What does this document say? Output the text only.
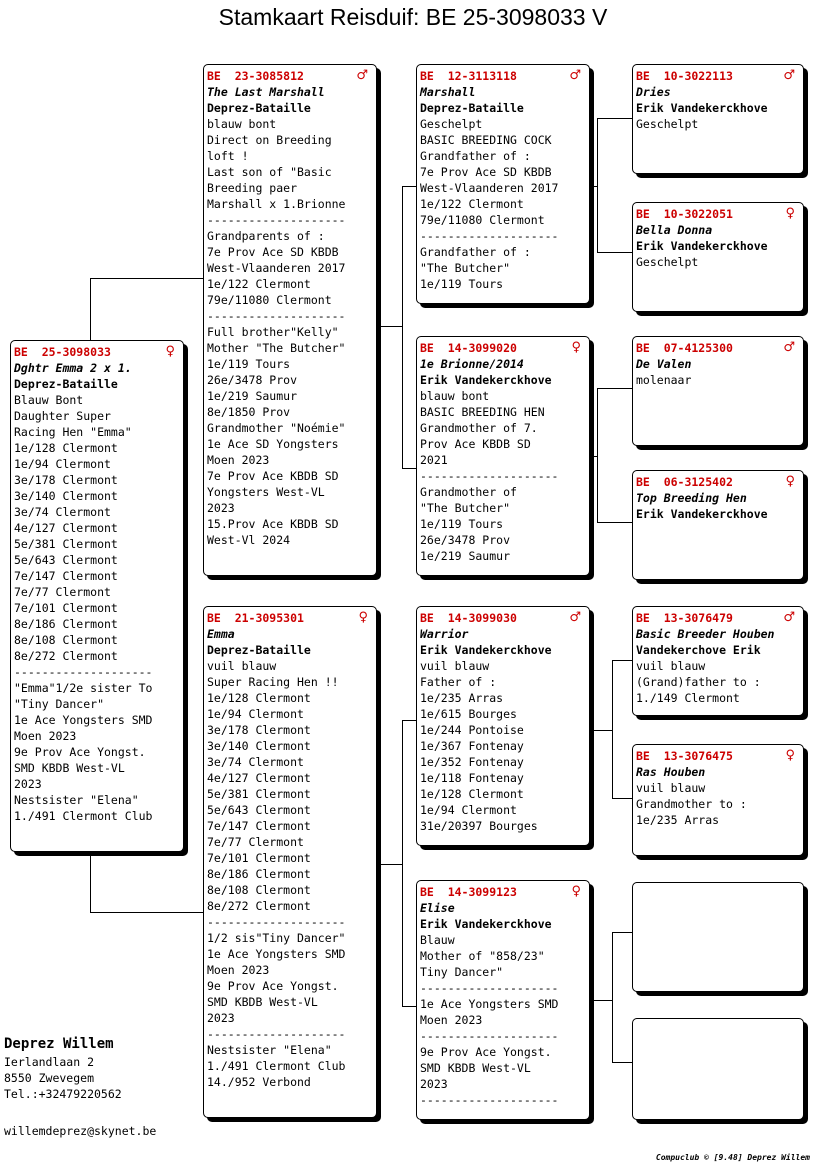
Stamkaart Reisduif: BE 25-3098033 V
BE  25-3098033	♀
Dghtr Emma 2 x 1.
Deprez-Bataille
Blauw Bont
Daughter Super
Racing Hen "Emma"
1e/128 Clermont
1e/94 Clermont
3e/178 Clermont
3e/140 Clermont
3e/74 Clermont
4e/127 Clermont
5e/381 Clermont
5e/643 Clermont
7e/147 Clermont
7e/77 Clermont
7e/101 Clermont
8e/186 Clermont
8e/108 Clermont
8e/272 Clermont
--------------------
"Emma"1/2e sister To
"Tiny Dancer"
1e Ace Yongsters SMD
Moen 2023
9e Prov Ace Yongst.
SMD KBDB West-VL
2023
Nestsister "Elena"
1./491 Clermont Club
BE  23-3085812	♂
The Last Marshall
Deprez-Bataille
blauw bont
Direct on Breeding
loft !
Last son of "Basic
Breeding paer
Marshall x 1.Brionne
--------------------
Grandparents of :
7e Prov Ace SD KBDB
West-Vlaanderen 2017
1e/122 Clermont
79e/11080 Clermont
--------------------
Full brother"Kelly"
Mother "The Butcher"
1e/119 Tours
26e/3478 Prov
1e/219 Saumur
8e/1850 Prov
Grandmother "Noémie"
1e Ace SD Yongsters
Moen 2023
7e Prov Ace KBDB SD
Yongsters West-VL
2023
15.Prov Ace KBDB SD
West-Vl 2024
BE  21-3095301	♀
Emma
Deprez-Bataille
vuil blauw
Super Racing Hen !!
1e/128 Clermont
1e/94 Clermont
3e/178 Clermont
3e/140 Clermont
3e/74 Clermont
4e/127 Clermont
5e/381 Clermont
5e/643 Clermont
7e/147 Clermont
7e/77 Clermont
7e/101 Clermont
8e/186 Clermont
8e/108 Clermont
8e/272 Clermont
--------------------
1/2 sis"Tiny Dancer"
1e Ace Yongsters SMD
Moen 2023
9e Prov Ace Yongst.
SMD KBDB West-VL
2023
--------------------
Nestsister "Elena"
1./491 Clermont Club
14./952 Verbond
BE  12-3113118	♂
Marshall
Deprez-Bataille
Geschelpt
BASIC BREEDING COCK
Grandfather of :
7e Prov Ace SD KBDB
West-Vlaanderen 2017
1e/122 Clermont
79e/11080 Clermont
--------------------
Grandfather of :
"The Butcher"
1e/119 Tours
BE  14-3099020	♀
1e Brionne/2014
Erik Vandekerckhove
blauw bont
BASIC BREEDING HEN
Grandmother of 7.
Prov Ace KBDB SD
2021
--------------------
Grandmother of
"The Butcher"
1e/119 Tours
26e/3478 Prov
1e/219 Saumur
BE  14-3099030	♂
Warrior
Erik Vandekerckhove
vuil blauw
Father of :
1e/235 Arras
1e/615 Bourges
1e/244 Pontoise
1e/367 Fontenay
1e/352 Fontenay
1e/118 Fontenay
1e/128 Clermont
1e/94 Clermont
31e/20397 Bourges
BE  14-3099123	♀
Elise
Erik Vandekerckhove
Blauw
Mother of "858/23"
Tiny Dancer"
--------------------
1e Ace Yongsters SMD
Moen 2023
--------------------
9e Prov Ace Yongst.
SMD KBDB West-VL
2023
--------------------
BE  10-3022113	♂
Dries
Erik Vandekerckhove
Geschelpt
BE  10-3022051	♀
Bella Donna
Erik Vandekerckhove
Geschelpt
BE  07-4125300	♂
De Valen
molenaar
BE  06-3125402	♀
Top Breeding Hen
Erik Vandekerckhove
BE  13-3076479	♂
Basic Breeder Houben
Vandekerchove Erik
vuil blauw
(Grand)father to :
1./149 Clermont
BE  13-3076475	♀
Ras Houben
vuil blauw
Grandmother to :
1e/235 Arras
Deprez Willem
Ierlandlaan 2
8550 Zwevegem
Tel.:+32479220562
willemdeprez@skynet.be
Compuclub © [9.48] Deprez Willem
